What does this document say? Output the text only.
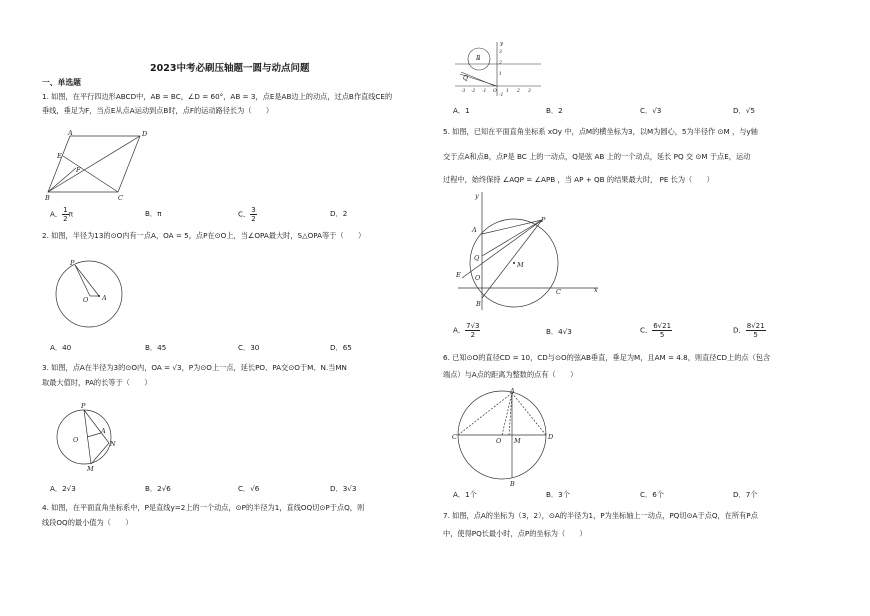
2023中考必刷压轴题一圆与动点问题
一、单选题
1. 如图，在平行四边形ABCD中，AB = BC，∠D = 60°，AB = 3，点E是AB边上的动点，过点B作直线CE的
垂线，垂足为F，当点E从点A运动到点B时，点F的运动路径长为（　　）
A	D
B	C
E
F
A． $\frac{1}{2}$ π	B．π	C． $\frac{3}{2}$	D．2
2. 如图，半径为13的⊙O内有一点A，OA = 5，点P在⊙O上，当∠OPA最大时，S△OPA等于（　　）
P
O A
A．40	B．45	C．30	D．65
3. 如图，点A在半径为3的⊙O内，OA = √3，P为⊙O上一点，延长PO、PA交⊙O于M、N.当MN
取最大值时，PA的长等于（　　）
P
O
A
N
M
A．2√3	B．2√6	C．√6	D．3√3
4. 如图，在平面直角坐标系中，P是直线y=2上的一个动点，⊙P的半径为1，直线OQ切⊙P于点Q，则
线段OQ的最小值为（　　）
y
P
Q
3
2
1
-1
-3 -2 -1 O 1 2 3
A．1	B．2	C．√3	D．√5
5. 如图，已知在平面直角坐标系 xOy 中，点M的横坐标为3，以M为圆心，5为半径作 ⊙M ，与y轴
交于点A和点B，点P是 BC 上的一动点，Q是弦 AB 上的一个动点，延长 PQ 交 ⊙M 于点E，运动
过程中，始终保持 ∠AQP = ∠APB ，当 AP + QB 的结果最大时， PE 长为（　　）
y
x
A
P
Q
E O
B
M
C
A． $\frac{7√3}{2}$	B．4√3	C． $\frac{6√21}{5}$	D． $\frac{8√21}{5}$
6. 已知⊙O的直径CD = 10，CD与⊙O的弦AB垂直，垂足为M，且AM = 4.8，则直径CD上的点（包含
端点）与A点的距离为整数的点有（　　）
A
C	O M	D
B
A．1个	B．3个	C．6个	D．7个
7. 如图，点A的坐标为（3，2），⊙A的半径为1，P为坐标轴上一动点，PQ切⊙A于点Q，在所有P点
中，使得PQ长最小时，点P的坐标为（　　）
